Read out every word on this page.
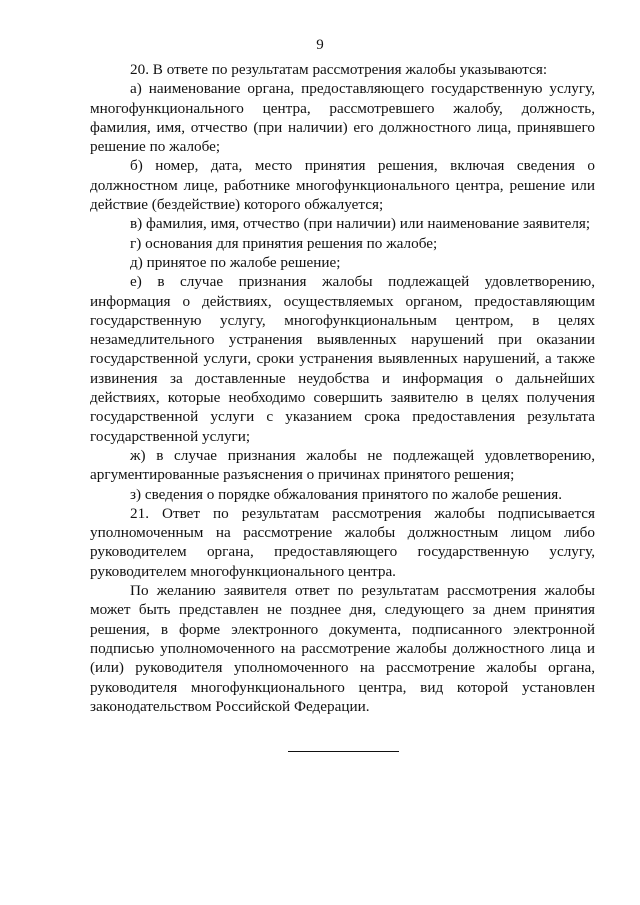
9

20. В ответе по результатам рассмотрения жалобы указываются:

а) наименование органа, предоставляющего государственную услугу, многофункционального центра, рассмотревшего жалобу, должность, фамилия, имя, отчество (при наличии) его должностного лица, принявшего решение по жалобе;

б) номер, дата, место принятия решения, включая сведения о должностном лице, работнике многофункционального центра, решение или действие (бездействие) которого обжалуется;

в) фамилия, имя, отчество (при наличии) или наименование заявителя;

г) основания для принятия решения по жалобе;

д) принятое по жалобе решение;

е) в случае признания жалобы подлежащей удовлетворению, информация о действиях, осуществляемых органом, предоставляющим государственную услугу, многофункциональным центром, в целях незамедлительного устранения выявленных нарушений при оказании государственной услуги, сроки устранения выявленных нарушений, а также извинения за доставленные неудобства и информация о дальнейших действиях, которые необходимо совершить заявителю в целях получения государственной услуги с указанием срока предоставления результата государственной услуги;

ж) в случае признания жалобы не подлежащей удовлетворению, аргументированные разъяснения о причинах принятого решения;

з) сведения о порядке обжалования принятого по жалобе решения.

21. Ответ по результатам рассмотрения жалобы подписывается уполномоченным на рассмотрение жалобы должностным лицом либо руководителем органа, предоставляющего государственную услугу, руководителем многофункционального центра.

По желанию заявителя ответ по результатам рассмотрения жалобы может быть представлен не позднее дня, следующего за днем принятия решения, в форме электронного документа, подписанного электронной подписью уполномоченного на рассмотрение жалобы должностного лица и (или) руководителя уполномоченного на рассмотрение жалобы органа, руководителя многофункционального центра, вид которой установлен законодательством Российской Федерации.
